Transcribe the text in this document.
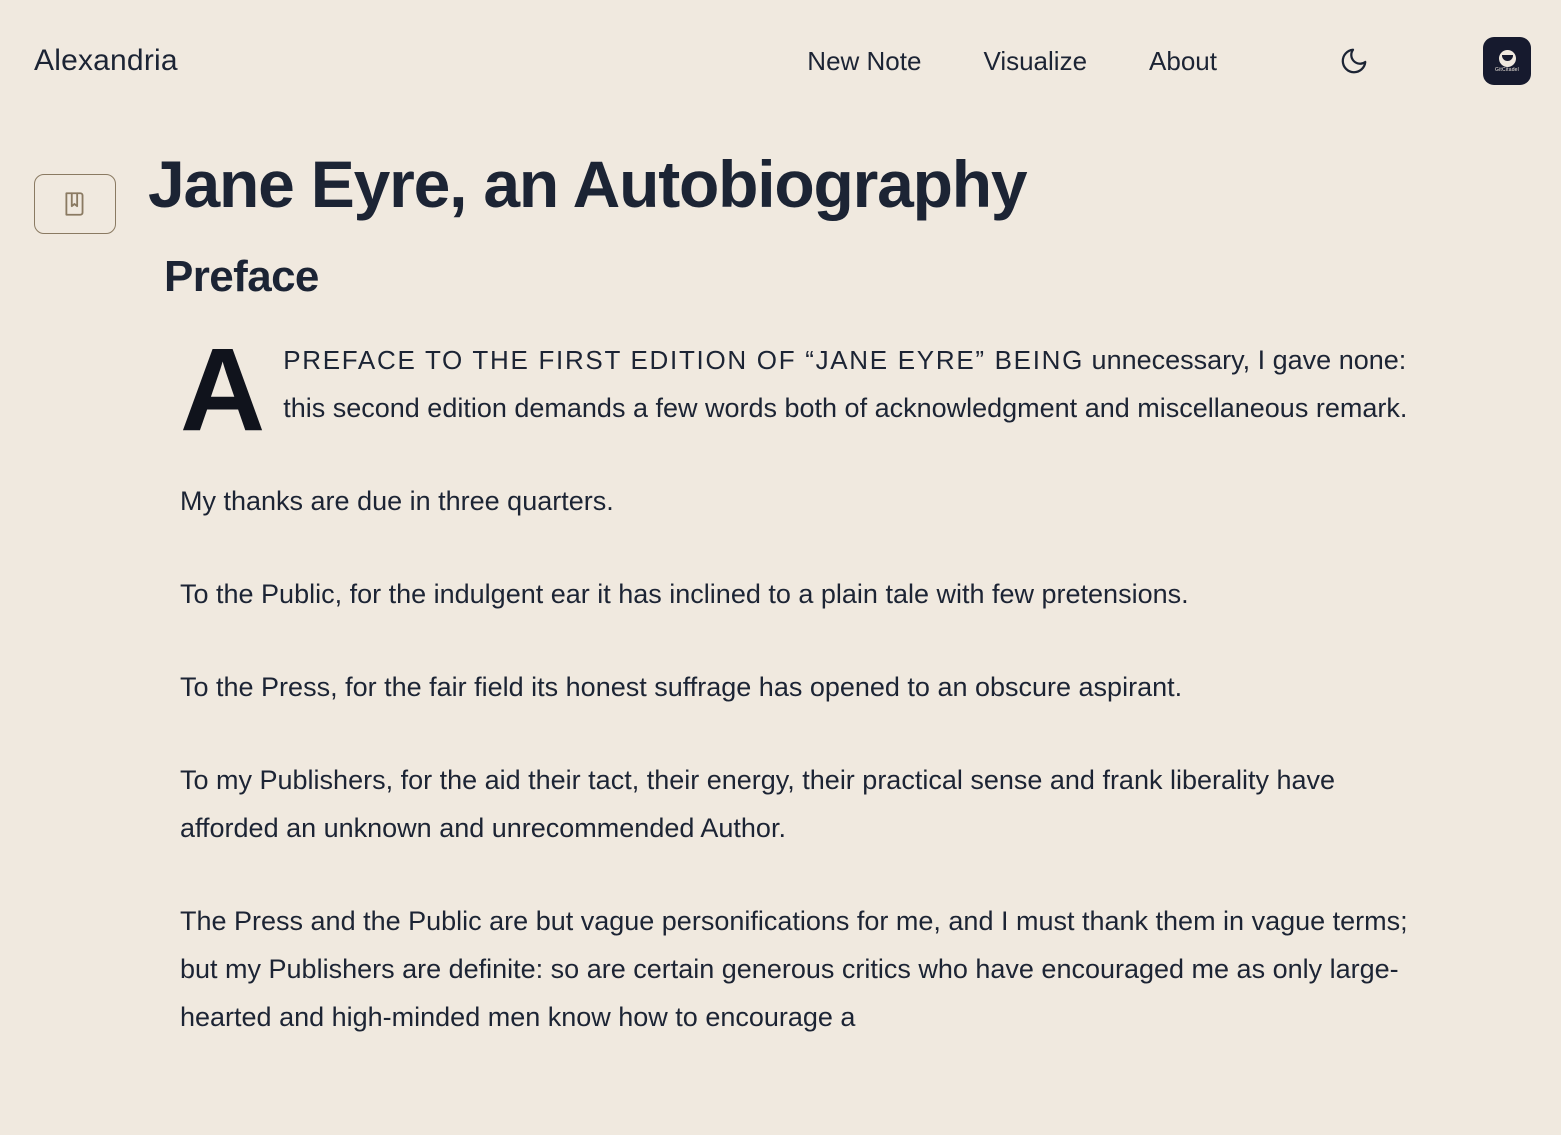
Alexandria	New Note Visualize About	GitCitadel
Jane Eyre, an Autobiography
Preface
APREFACE TO THE FIRST EDITION OF “JANE EYRE” BEING unnecessary, I gave none: this second edition demands a few words both of acknowledgment and miscellaneous remark.

My thanks are due in three quarters.

To the Public, for the indulgent ear it has inclined to a plain tale with few pretensions.

To the Press, for the fair field its honest suffrage has opened to an obscure aspirant.

To my Publishers, for the aid their tact, their energy, their practical sense and frank liberality have afforded an unknown and unrecommended Author.

The Press and the Public are but vague personifications for me, and I must thank them in vague terms; but my Publishers are definite: so are certain generous critics who have encouraged me as only large-hearted and high-minded men know how to encourage a
